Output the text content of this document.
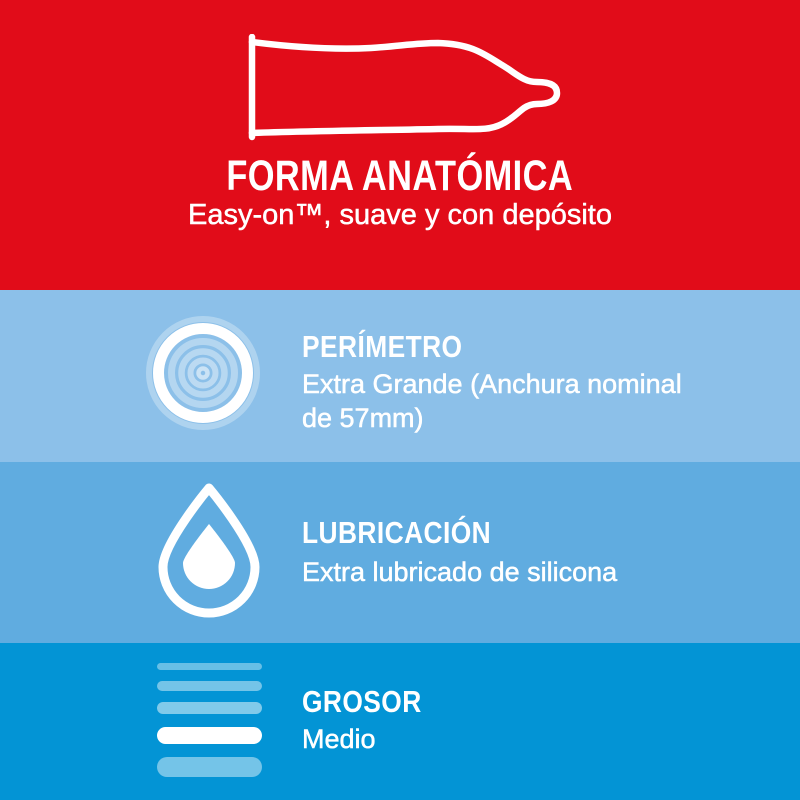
FORMA ANATÓMICA
Easy-on™, suave y con depósito
PERÍMETRO
Extra Grande (Anchura nominal
de 57mm)
LUBRICACIÓN
Extra lubricado de silicona
GROSOR
Medio
